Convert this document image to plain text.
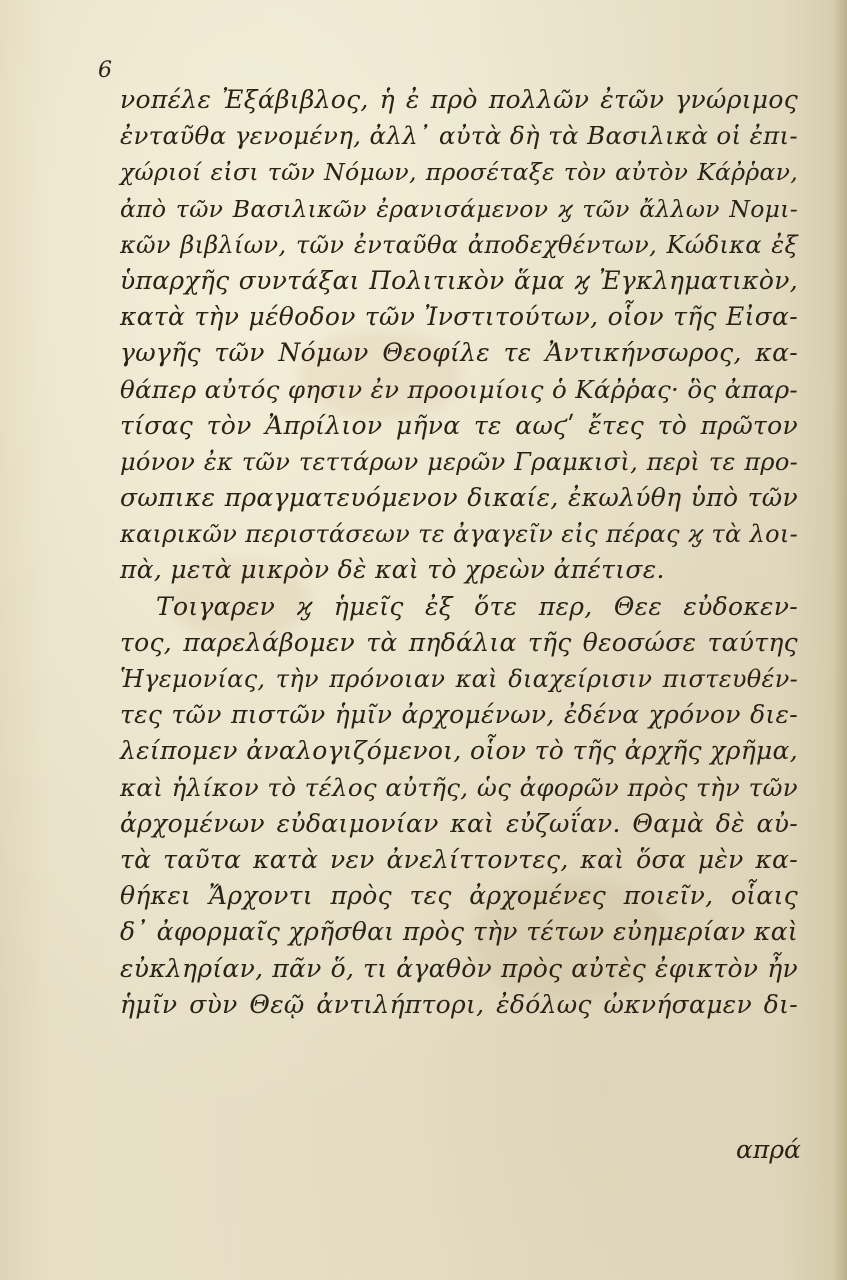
6
νοπέλε Ἐξάβιβλος, ἡ ἐ πρὸ πολλῶν ἐτῶν γνώριμος
ἐνταῦθα γενομένη, ἀλλ᾽ αὐτὰ δὴ τὰ Βασιλικὰ οἱ ἐπι-
χώριοί εἰσι τῶν Νόμων, προσέταξε τὸν αὐτὸν Κάῤῥαν,
ἀπὸ τῶν Βασιλικῶν ἐρανισάμενον ϗ τῶν ἄλλων Νομι-
κῶν βιβλίων, τῶν ἐνταῦθα ἀποδεχθέντων, Κώδικα ἐξ
ὑπαρχῆς συντάξαι Πολιτικὸν ἅμα ϗ Ἐγκληματικὸν,
κατὰ τὴν μέθοδον τῶν Ἰνστιτούτων, οἷον τῆς Εἰσα-
γωγῆς τῶν Νόμων Θεοφίλε τε Ἀντικήνσωρος, κα-
θάπερ αὐτός φησιν ἐν προοιμίοις ὁ Κάῤῥας· ὃς ἀπαρ-
τίσας τὸν Ἀπρίλιον μῆνα τε αωϛʹ ἔτες τὸ πρῶτον
μόνον ἐκ τῶν τεττάρων μερῶν Γραμκισὶ, περὶ τε προ-
σωπικε πραγματευόμενον δικαίε, ἐκωλύθη ὑπὸ τῶν
καιρικῶν περιστάσεων τε ἀγαγεῖν εἰς πέρας ϗ τὰ λοι-
πὰ, μετὰ μικρὸν δὲ καὶ τὸ χρεὼν ἀπέτισε.
Τοιγαρεν ϗ ἡμεῖς ἐξ ὅτε περ, Θεε εὐδοκεν-
τος, παρελάβομεν τὰ πηδάλια τῆς θεοσώσε ταύτης
Ἡγεμονίας, τὴν πρόνοιαν καὶ διαχείρισιν πιστευθέν-
τες τῶν πιστῶν ἡμῖν ἀρχομένων, ἐδένα χρόνον διε-
λείπομεν ἀναλογιζόμενοι, οἷον τὸ τῆς ἀρχῆς χρῆμα,
καὶ ἡλίκον τὸ τέλος αὐτῆς, ὡς ἀφορῶν πρὸς τὴν τῶν
ἀρχομένων εὐδαιμονίαν καὶ εὐζωΐαν. Θαμὰ δὲ αὐ-
τὰ ταῦτα κατὰ νεν ἀνελίττοντες, καὶ ὅσα μὲν κα-
θήκει Ἄρχοντι πρὸς τες ἀρχομένες ποιεῖν, οἷαις
δ᾽ ἀφορμαῖς χρῆσθαι πρὸς τὴν τέτων εὐημερίαν καὶ
εὐκληρίαν, πᾶν ὅ, τι ἀγαθὸν πρὸς αὐτὲς ἐφικτὸν ἦν
ἡμῖν σὺν Θεῷ ἀντιλήπτορι, ἐδόλως ὠκνήσαμεν δι-
απρά
